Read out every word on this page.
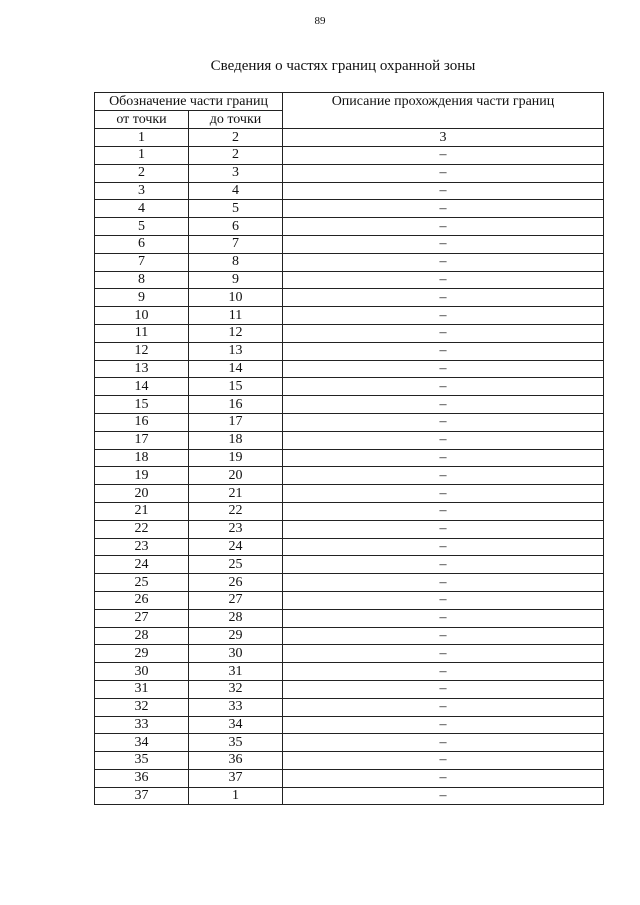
89
Сведения о частях границ охранной зоны
Обозначение части границ		Описание прохождения части границ
от точки	до точки	
1	2	3
1	2	–
2	3	–
3	4	–
4	5	–
5	6	–
6	7	–
7	8	–
8	9	–
9	10	–
10	11	–
11	12	–
12	13	–
13	14	–
14	15	–
15	16	–
16	17	–
17	18	–
18	19	–
19	20	–
20	21	–
21	22	–
22	23	–
23	24	–
24	25	–
25	26	–
26	27	–
27	28	–
28	29	–
29	30	–
30	31	–
31	32	–
32	33	–
33	34	–
34	35	–
35	36	–
36	37	–
37	1	–
